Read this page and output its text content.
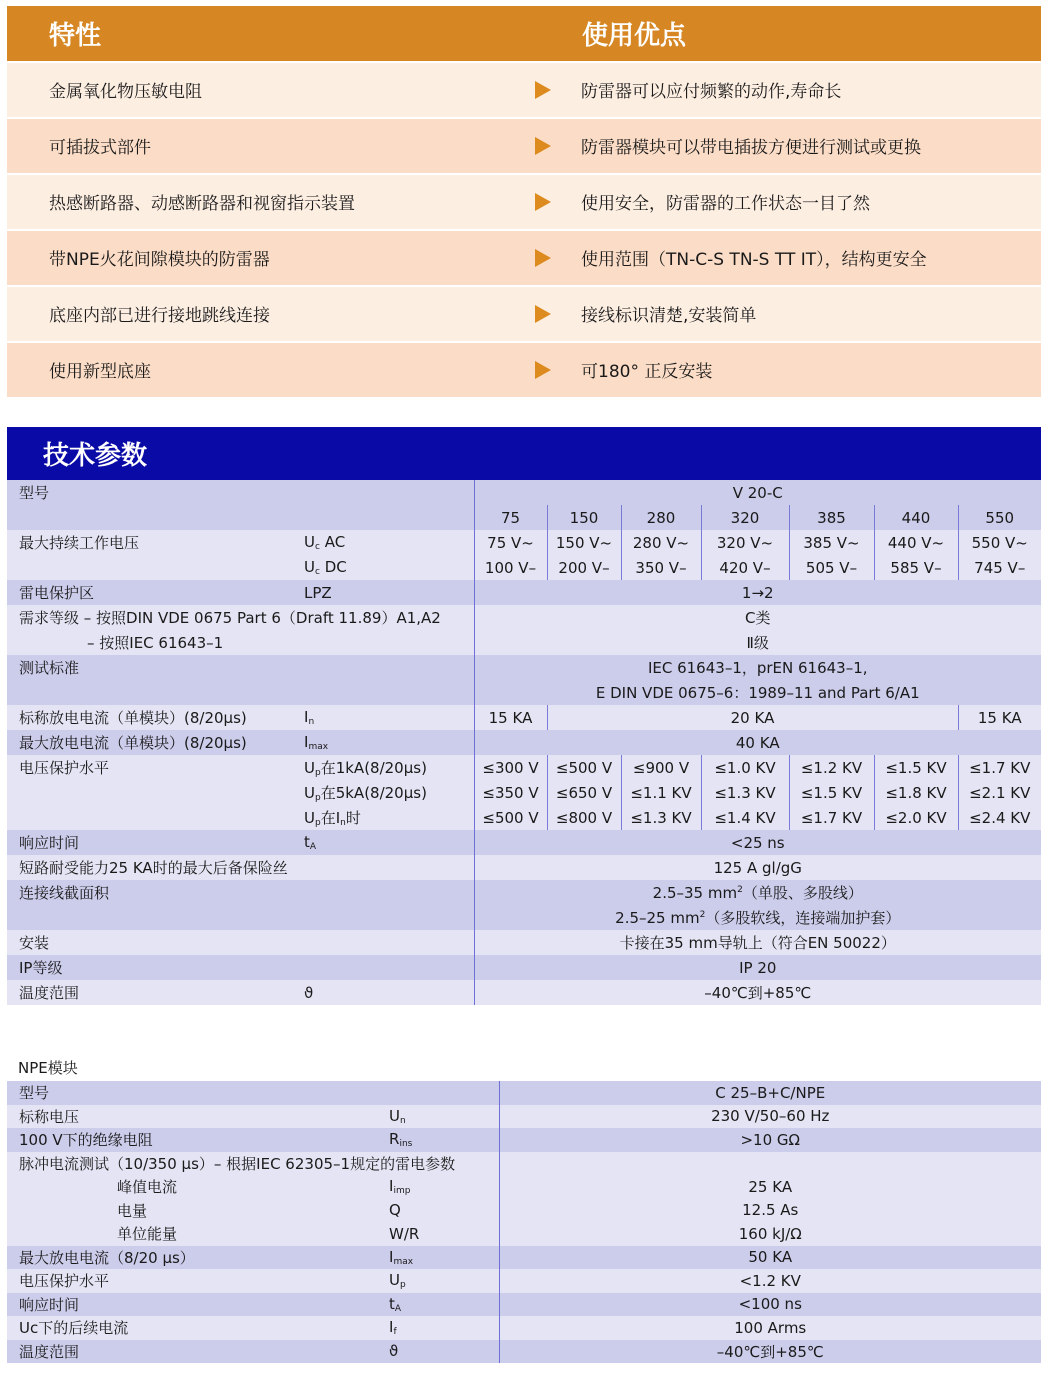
特性	使用优点
金属氧化物压敏电阻	防雷器可以应付频繁的动作,寿命长
可插拔式部件	防雷器模块可以带电插拔方便进行测试或更换
热感断路器、动感断路器和视窗指示装置	使用安全，防雷器的工作状态一目了然
带NPE火花间隙模块的防雷器	使用范围（TN-C-S TN-S TT IT），结构更安全
底座内部已进行接地跳线连接	接线标识清楚,安装简单
使用新型底座	可180° 正反安装
技术参数
型号		V 20-C						
		75	150	280	320	385	440	550
最大持续工作电压	$U_c$ AC	75 V~	150 V~	280 V~	320 V~	385 V~	440 V~	550 V~
	$U_c$ DC	100 V–	200 V–	350 V–	420 V–	505 V–	585 V–	745 V–
雷电保护区	LPZ	1→2						
需求等级 – 按照DIN VDE 0675 Part 6（Draft 11.89）A1,A2		C类						
– 按照IEC 61643–1		Ⅱ级						
测试标准		IEC 61643–1，prEN 61643–1,						
		E DIN VDE 0675–6：1989–11 and Part 6/A1						
标称放电电流（单模块）(8/20μs)	$I_n$	15 KA	20 KA					15 KA
最大放电电流（单模块）(8/20μs)	$I_{max}$	40 KA						
电压保护水平	$U_p$在1kA(8/20μs)	≤300 V	≤500 V	≤900 V	≤1.0 KV	≤1.2 KV	≤1.5 KV	≤1.7 KV
	$U_p$在5kA(8/20μs)	≤350 V	≤650 V	≤1.1 KV	≤1.3 KV	≤1.5 KV	≤1.8 KV	≤2.1 KV
	$U_p$在$I_n$时	≤500 V	≤800 V	≤1.3 KV	≤1.4 KV	≤1.7 KV	≤2.0 KV	≤2.4 KV
响应时间	$t_A$	<25 ns						
短路耐受能力25 KA时的最大后备保险丝		125 A gl/gG						
连接线截面积		2.5–35 $mm^2$（单股、多股线）						
		2.5–25 $mm^2$（多股软线，连接端加护套）						
安装		卡接在35 mm导轨上（符合EN 50022）						
IP等级		IP 20						
温度范围	ϑ	–40℃到+85℃						
NPE模块
型号		C 25–B+C/NPE
标称电压	$U_n$	230 V/50–60 Hz
100 V下的绝缘电阻	$R_{ins}$	>10 GΩ
脉冲电流测试（10/350 μs）– 根据IEC 62305–1规定的雷电参数		
峰值电流	$I_{imp}$	25 KA
电量	Q	12.5 As
单位能量	W/R	160 kJ/Ω
最大放电电流（8/20 μs）	$I_{max}$	50 KA
电压保护水平	$U_p$	<1.2 KV
响应时间	$t_A$	<100 ns
Uc下的后续电流	$I_f$	100 Arms
温度范围	ϑ	–40℃到+85℃
